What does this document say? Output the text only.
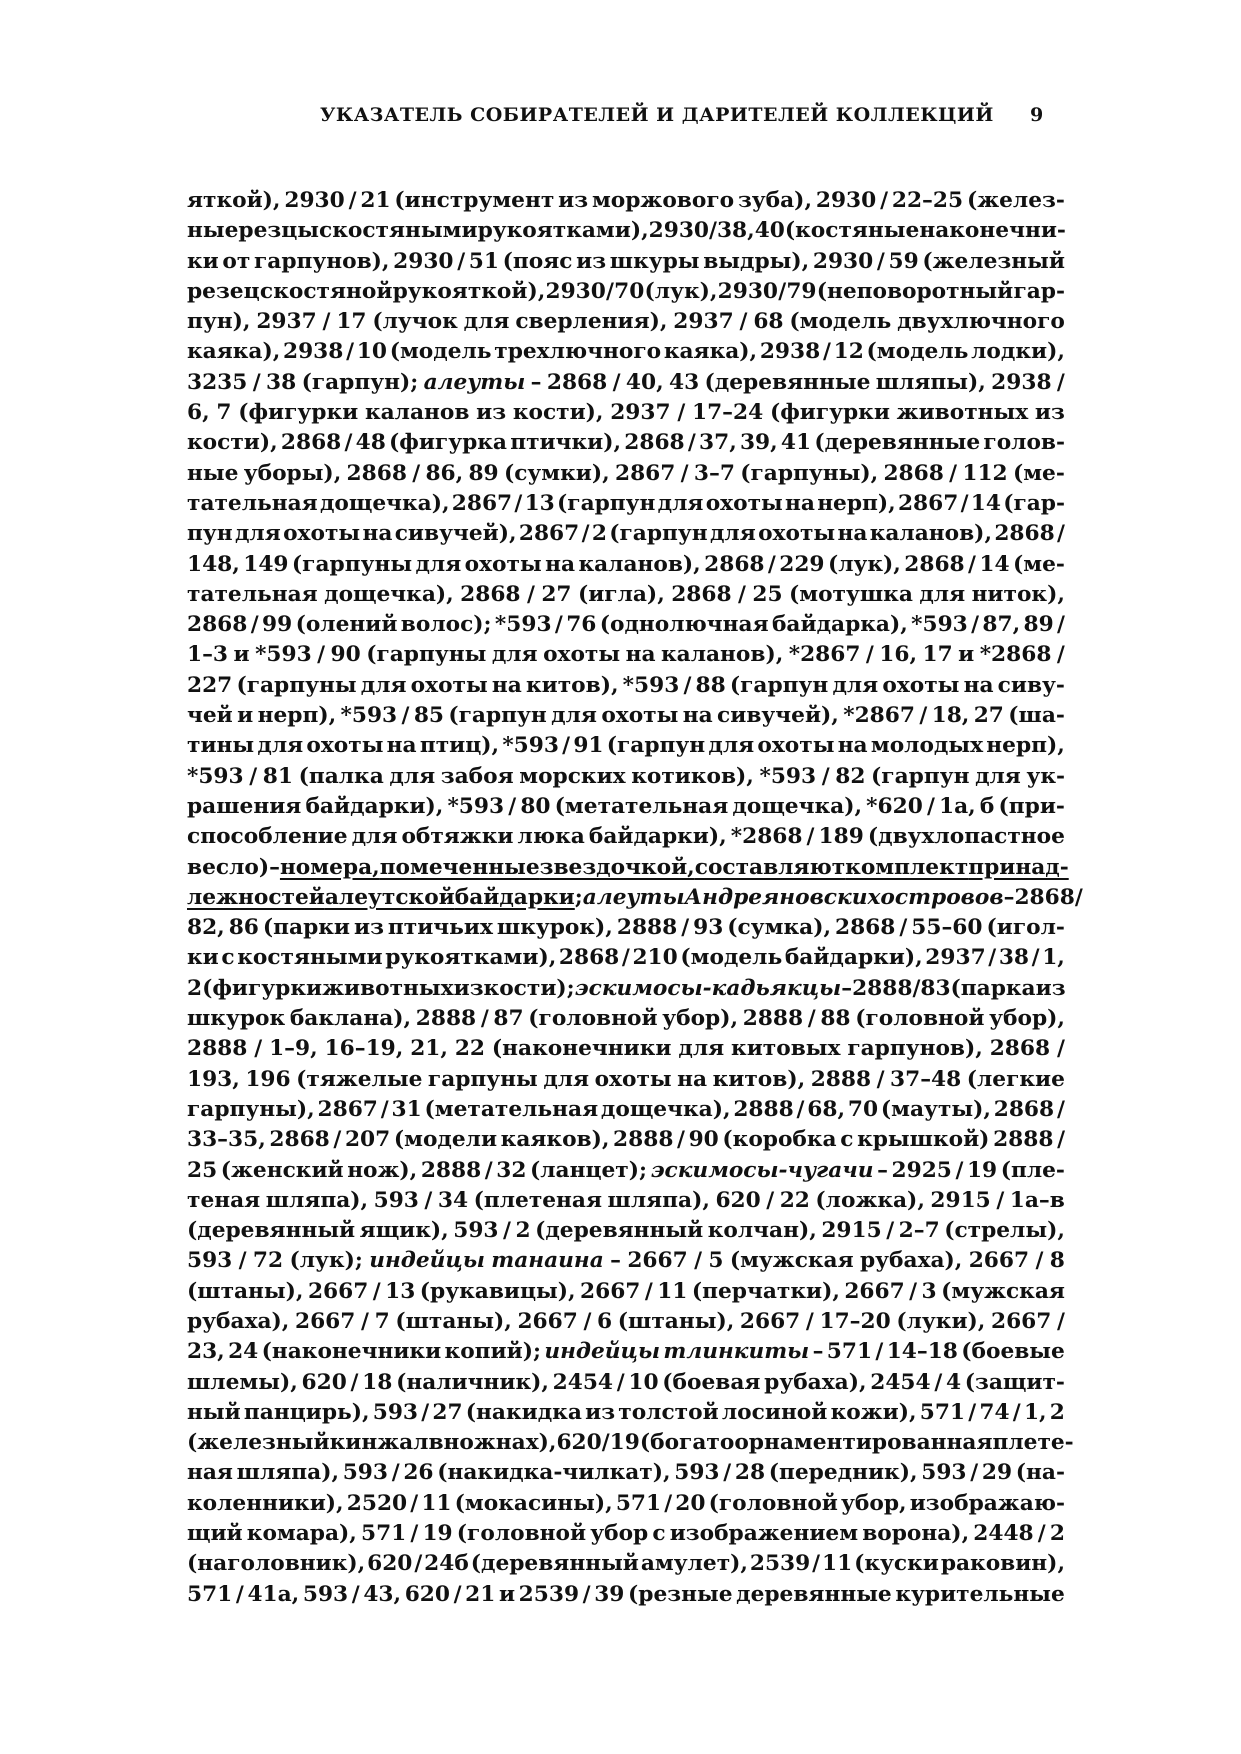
УКАЗАТЕЛЬ СОБИРАТЕЛЕЙ И ДАРИТЕЛЕЙ КОЛЛЕКЦИЙ 9
яткой), 2930 / 21 (инструмент из моржового зуба), 2930 / 22–25 (желез-
ные резцы с костяными рукоятками), 2930 / 38, 40 (костяные наконечни-
ки от гарпунов), 2930 / 51 (пояс из шкуры выдры), 2930 / 59 (железный
резец с костяной рукояткой), 2930 / 70 (лук), 2930 / 79 (неповоротный гар-
пун), 2937 / 17 (лучок для сверления), 2937 / 68 (модель двухлючного
каяка), 2938 / 10 (модель трехлючного каяка), 2938 / 12 (модель лодки),
3235 / 38 (гарпун); алеуты – 2868 / 40, 43 (деревянные шляпы), 2938 /
6, 7 (фигурки каланов из кости), 2937 / 17–24 (фигурки животных из
кости), 2868 / 48 (фигурка птички), 2868 / 37, 39, 41 (деревянные голов-
ные уборы), 2868 / 86, 89 (сумки), 2867 / 3–7 (гарпуны), 2868 / 112 (ме-
тательная дощечка), 2867 / 13 (гарпун для охоты на нерп), 2867 / 14 (гар-
пун для охоты на сивучей), 2867 / 2 (гарпун для охоты на каланов), 2868 /
148, 149 (гарпуны для охоты на каланов), 2868 / 229 (лук), 2868 / 14 (ме-
тательная дощечка), 2868 / 27 (игла), 2868 / 25 (мотушка для ниток),
2868 / 99 (олений волос); *593 / 76 (однолючная байдарка), *593 / 87, 89 /
1–3 и *593 / 90 (гарпуны для охоты на каланов), *2867 / 16, 17 и *2868 /
227 (гарпуны для охоты на китов), *593 / 88 (гарпун для охоты на сиву-
чей и нерп), *593 / 85 (гарпун для охоты на сивучей), *2867 / 18, 27 (ша-
тины для охоты на птиц), *593 / 91 (гарпун для охоты на молодых нерп),
*593 / 81 (палка для забоя морских котиков), *593 / 82 (гарпун для ук-
рашения байдарки), *593 / 80 (метательная дощечка), *620 / 1а, б (при-
способление для обтяжки люка байдарки), *2868 / 189 (двухлопастное
весло) – номера, помеченные звездочкой, составляют комплект принад-
лежностей алеутской байдарки; алеуты Андреяновских островов – 2868 /
82, 86 (парки из птичьих шкурок), 2888 / 93 (сумка), 2868 / 55–60 (игол-
ки с костяными рукоятками), 2868 / 210 (модель байдарки), 2937 / 38 / 1,
2 (фигурки животных из кости); эскимосы-кадьякцы – 2888 / 83 (парка из
шкурок баклана), 2888 / 87 (головной убор), 2888 / 88 (головной убор),
2888 / 1–9, 16–19, 21, 22 (наконечники для китовых гарпунов), 2868 /
193, 196 (тяжелые гарпуны для охоты на китов), 2888 / 37–48 (легкие
гарпуны), 2867 / 31 (метательная дощечка), 2888 / 68, 70 (мауты), 2868 /
33–35, 2868 / 207 (модели каяков), 2888 / 90 (коробка с крышкой) 2888 /
25 (женский нож), 2888 / 32 (ланцет); эскимосы-чугачи – 2925 / 19 (пле-
теная шляпа), 593 / 34 (плетеная шляпа), 620 / 22 (ложка), 2915 / 1а–в
(деревянный ящик), 593 / 2 (деревянный колчан), 2915 / 2–7 (стрелы),
593 / 72 (лук); индейцы танаина – 2667 / 5 (мужская рубаха), 2667 / 8
(штаны), 2667 / 13 (рукавицы), 2667 / 11 (перчатки), 2667 / 3 (мужская
рубаха), 2667 / 7 (штаны), 2667 / 6 (штаны), 2667 / 17–20 (луки), 2667 /
23, 24 (наконечники копий); индейцы тлинкиты – 571 / 14–18 (боевые
шлемы), 620 / 18 (наличник), 2454 / 10 (боевая рубаха), 2454 / 4 (защит-
ный панцирь), 593 / 27 (накидка из толстой лосиной кожи), 571 / 74 / 1, 2
(железный кинжал в ножнах), 620 / 19 (богато орнаментированная плете-
ная шляпа), 593 / 26 (накидка-чилкат), 593 / 28 (передник), 593 / 29 (на-
коленники), 2520 / 11 (мокасины), 571 / 20 (головной убор, изображаю-
щий комара), 571 / 19 (головной убор с изображением ворона), 2448 / 2
(наголовник), 620 / 24б (деревянный амулет), 2539 / 11 (куски раковин),
571 / 41а, 593 / 43, 620 / 21 и 2539 / 39 (резные деревянные курительные
